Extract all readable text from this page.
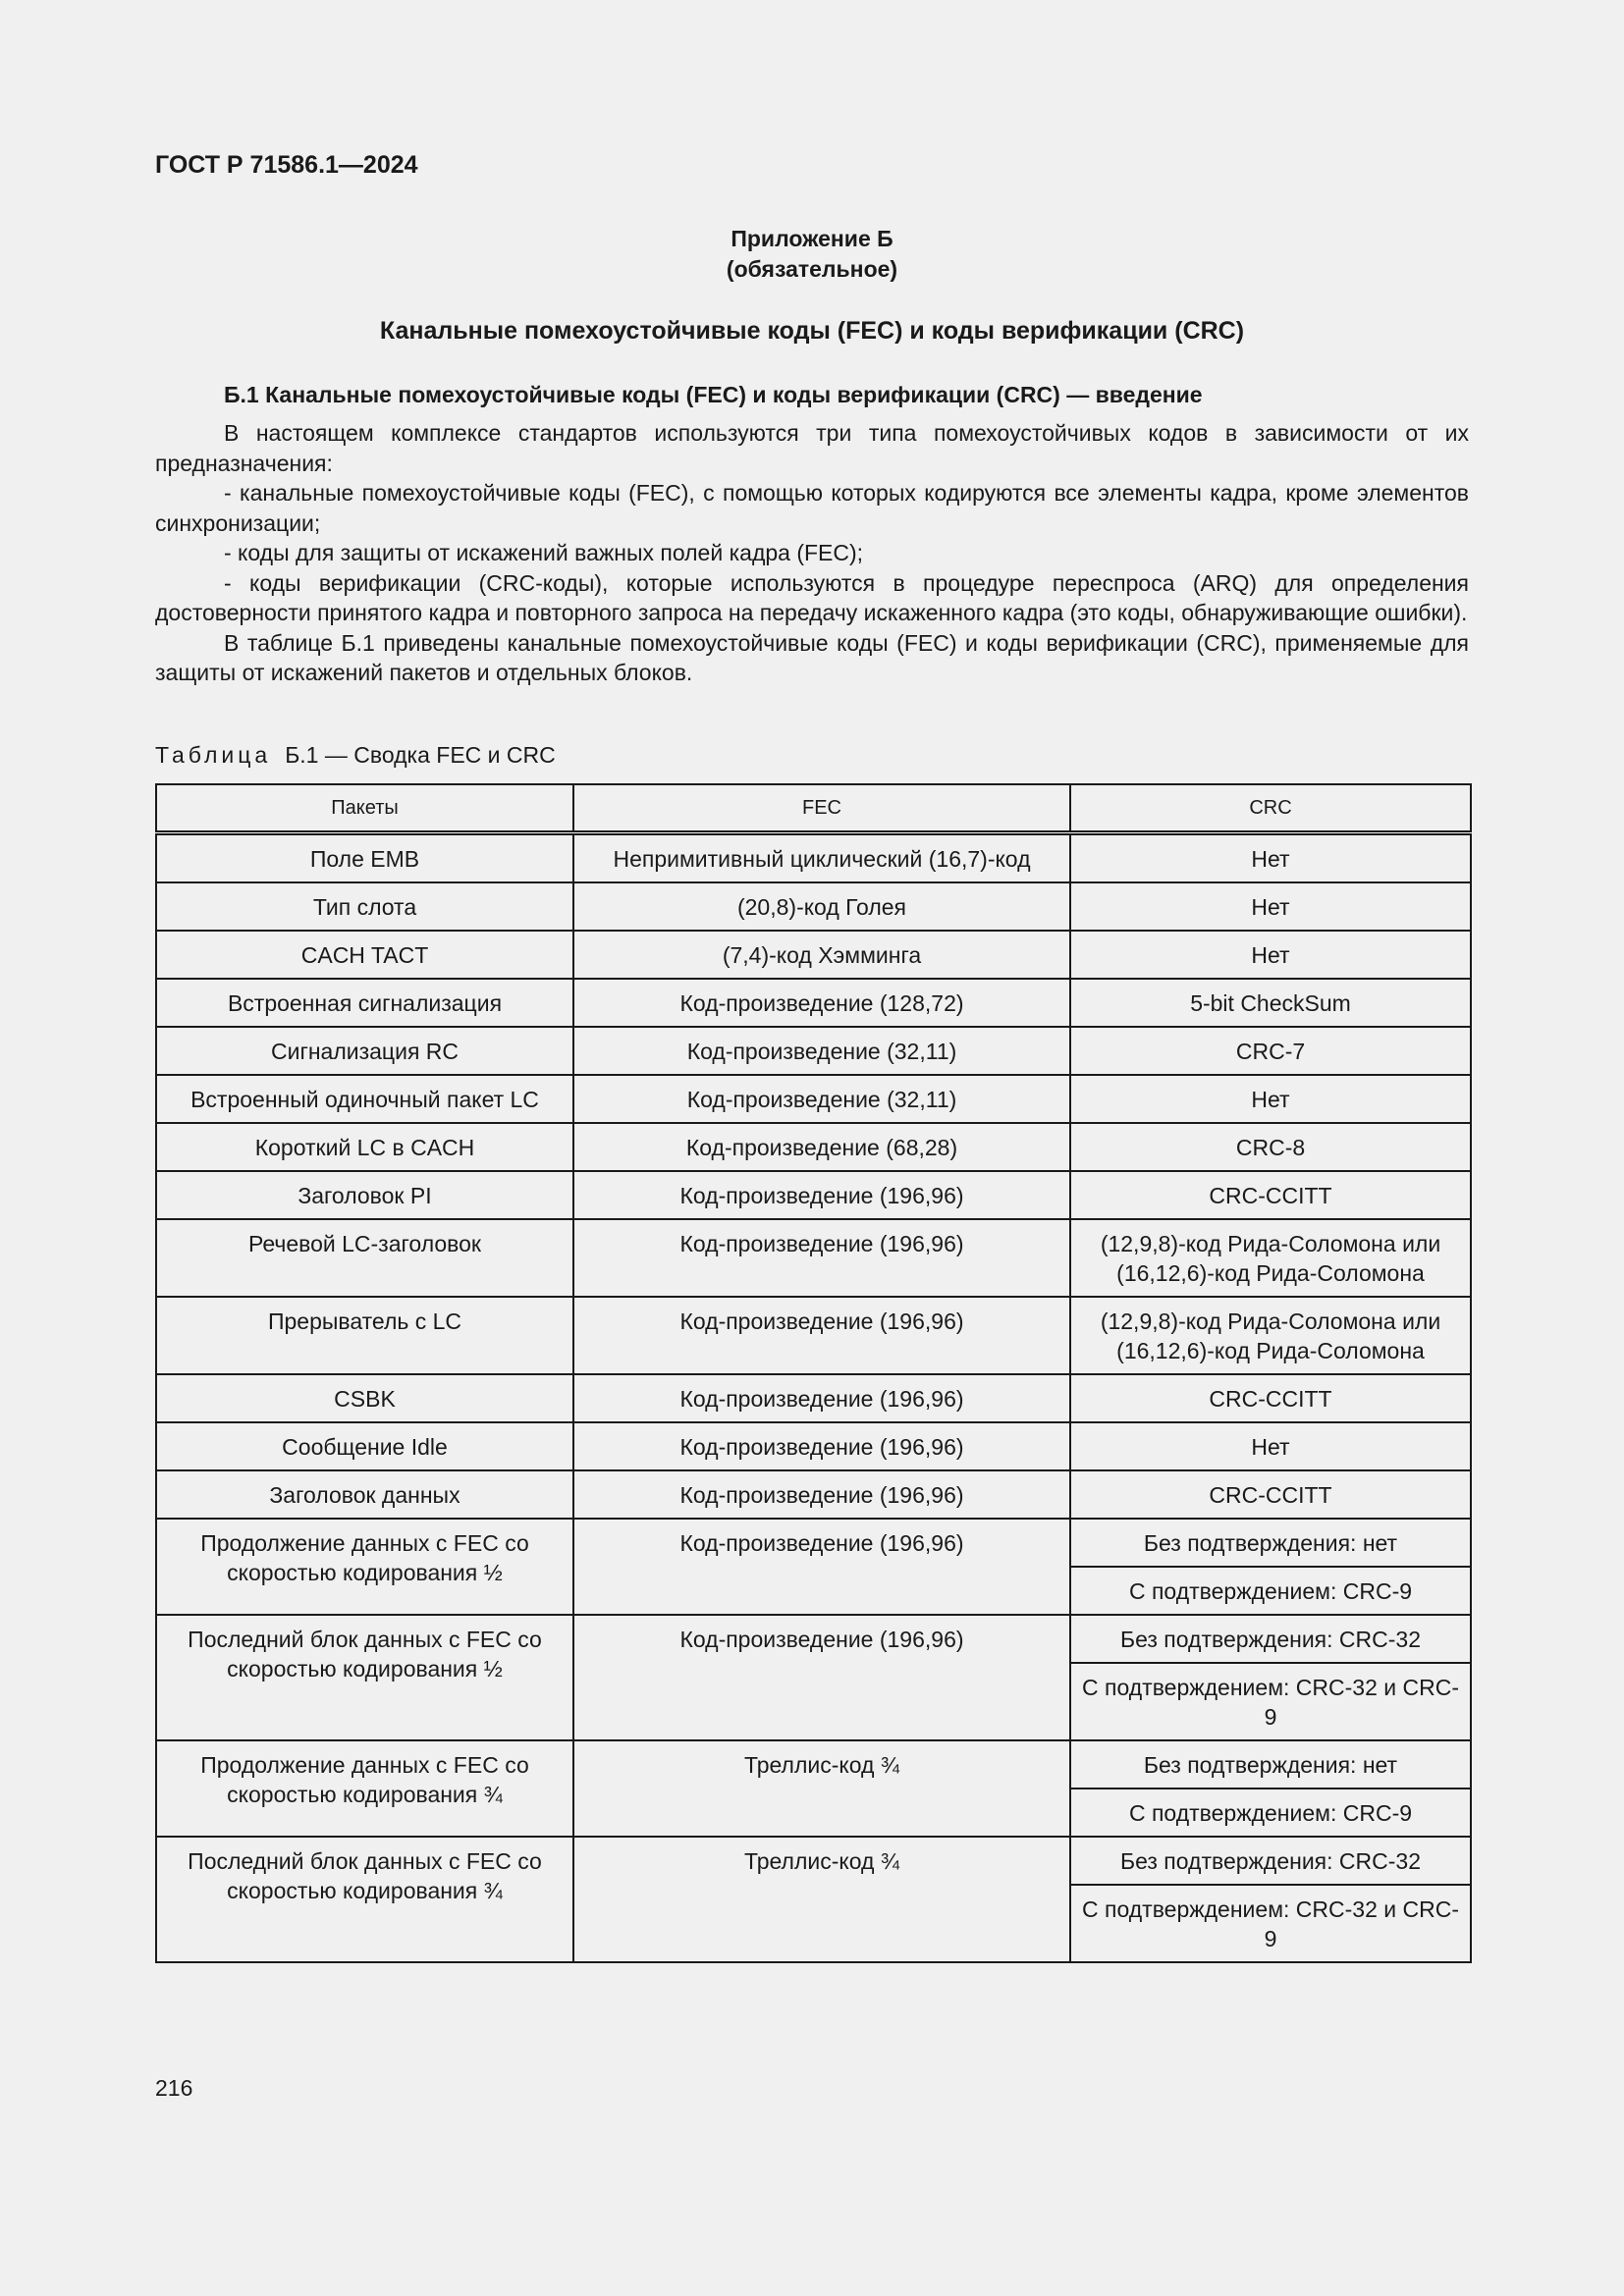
ГОСТ Р 71586.1—2024
Приложение Б
(обязательное)
Канальные помехоустойчивые коды (FEC) и коды верификации (CRC)
Б.1 Канальные помехоустойчивые коды (FEC) и коды верификации (CRC) — введение

В настоящем комплексе стандартов используются три типа помехоустойчивых кодов в зависимости от их предназначения:

- канальные помехоустойчивые коды (FEC), с помощью которых кодируются все элементы кадра, кроме элементов синхронизации;

- коды для защиты от искажений важных полей кадра (FEC);

- коды верификации (CRC-коды), которые используются в процедуре переспроса (ARQ) для определения достоверности принятого кадра и повторного запроса на передачу искаженного кадра (это коды, обнаруживающие ошибки).

В таблице Б.1 приведены канальные помехоустойчивые коды (FEC) и коды верификации (CRC), применяемые для защиты от искажений пакетов и отдельных блоков.

Таблица Б.1 — Сводка FEC и CRC
Пакеты	FEC	CRC
Поле EMB	Непримитивный циклический (16,7)-код	Нет
Тип слота	(20,8)-код Голея	Нет
CACH TACT	(7,4)-код Хэмминга	Нет
Встроенная сигнализация	Код-произведение (128,72)	5-bit CheckSum
Сигнализация RC	Код-произведение (32,11)	CRC-7
Встроенный одиночный пакет LC	Код-произведение (32,11)	Нет
Короткий LC в CACH	Код-произведение (68,28)	CRC-8
Заголовок PI	Код-произведение (196,96)	CRC-CCITT
Речевой LC-заголовок	Код-произведение (196,96)	(12,9,8)-код Рида-Соломона или (16,12,6)-код Рида-Соломона
Прерыватель с LC	Код-произведение (196,96)	(12,9,8)-код Рида-Соломона или (16,12,6)-код Рида-Соломона
CSBK	Код-произведение (196,96)	CRC-CCITT
Сообщение Idle	Код-произведение (196,96)	Нет
Заголовок данных	Код-произведение (196,96)	CRC-CCITT
Продолжение данных с FEC со скоростью кодирования ½	Код-произведение (196,96)	Без подтверждения: нет
		С подтверждением: CRC-9
Последний блок данных с FEC со скоростью кодирования ½	Код-произведение (196,96)	Без подтверждения: CRC-32
		С подтверждением: CRC-32 и CRC-9
Продолжение данных с FEC со скоростью кодирования ¾	Треллис-код ¾	Без подтверждения: нет
		С подтверждением: CRC-9
Последний блок данных с FEC со скоростью кодирования ¾	Треллис-код ¾	Без подтверждения: CRC-32
		С подтверждением: CRC-32 и CRC-9
216
